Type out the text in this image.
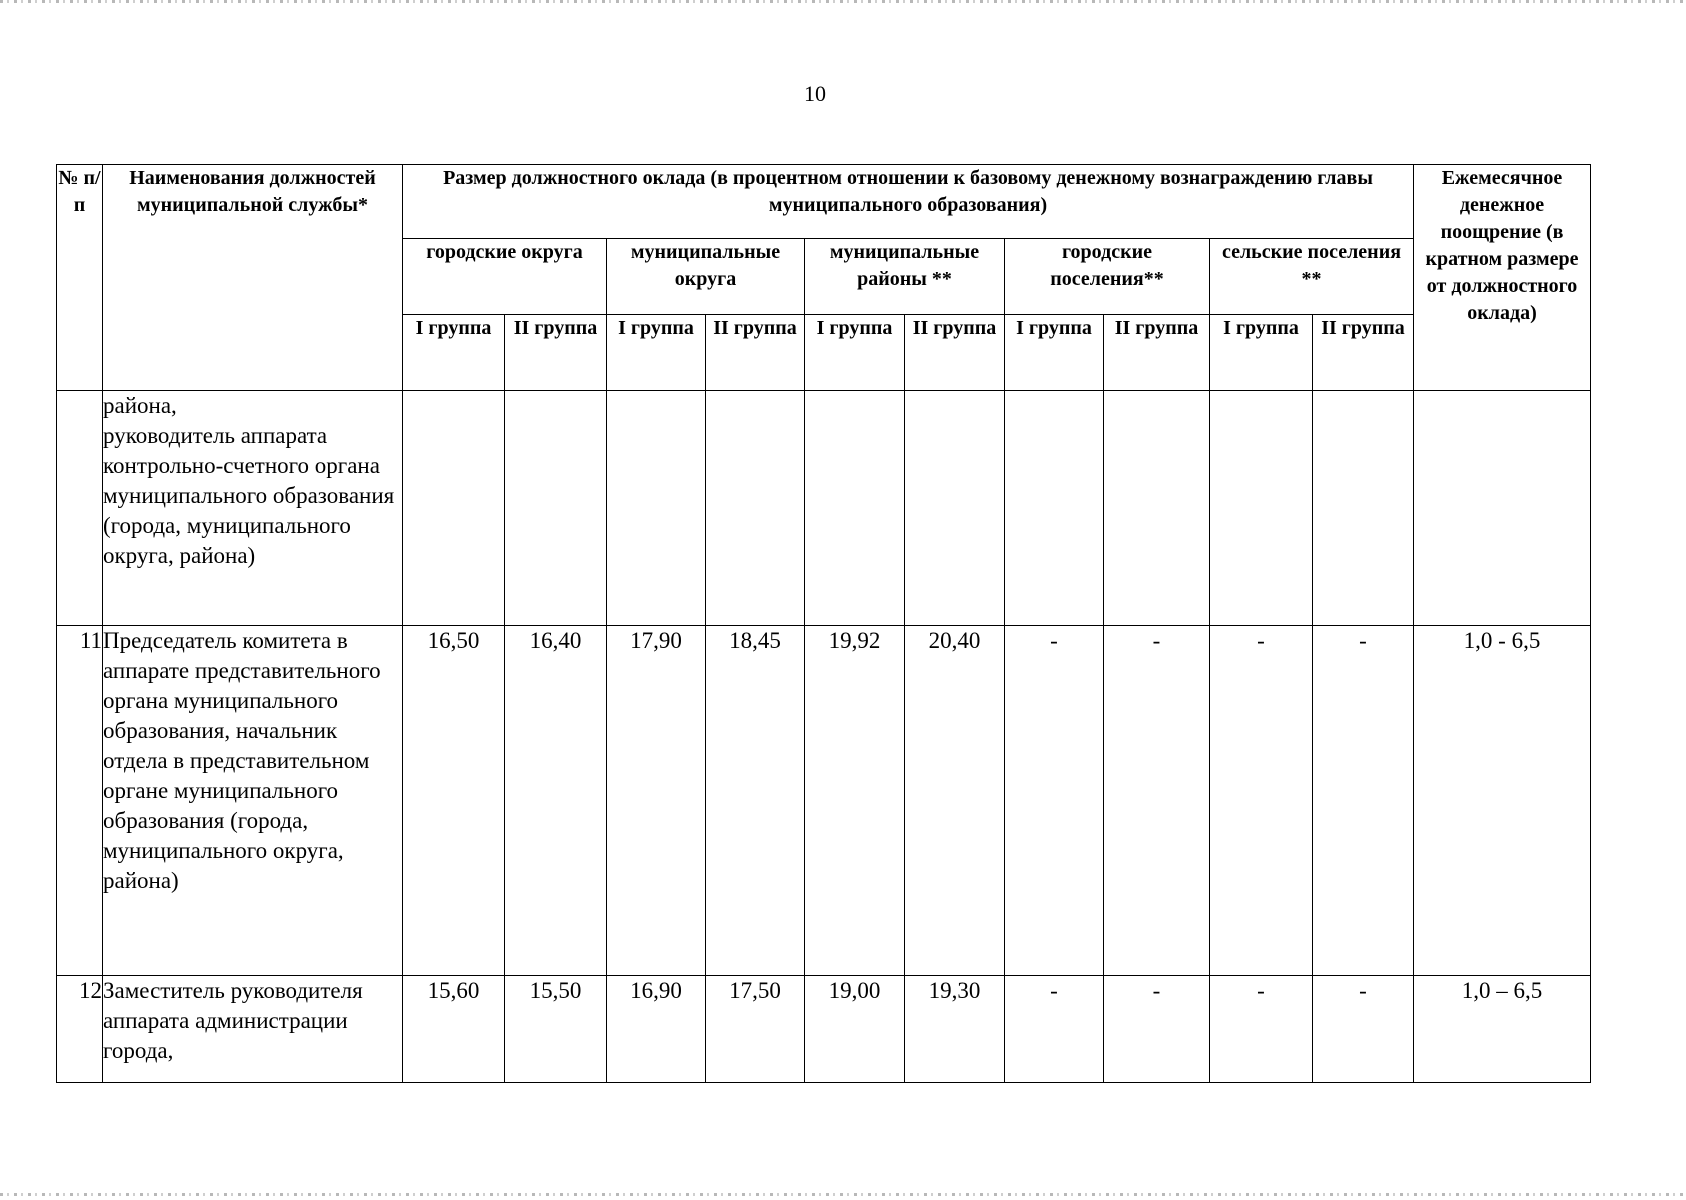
10
№ п/п	Наименования должностей муниципальной службы*	Размер должностного оклада (в процентном отношении к базовому денежному вознаграждению главы муниципального образования)										Ежемесячное денежное поощрение (в кратном размере от должностного оклада)
		городские округа		муниципальные округа		муниципальные районы **		городские поселения**		сельские поселения **		
		I группа	II группа	I группа	II группа	I группа	II группа	I группа	II группа	I группа	II группа	
	района,
руководитель аппарата контрольно-счетного органа муниципального образования (города, муниципального округа, района)											
11	Председатель комитета в аппарате представительного органа муниципального образования, начальник отдела в представительном органе муниципального образования (города, муниципального округа, района)	16,50	16,40	17,90	18,45	19,92	20,40	-	-	-	-	1,0 - 6,5
12	Заместитель руководителя аппарата администрации города,	15,60	15,50	16,90	17,50	19,00	19,30	-	-	-	-	1,0 – 6,5
